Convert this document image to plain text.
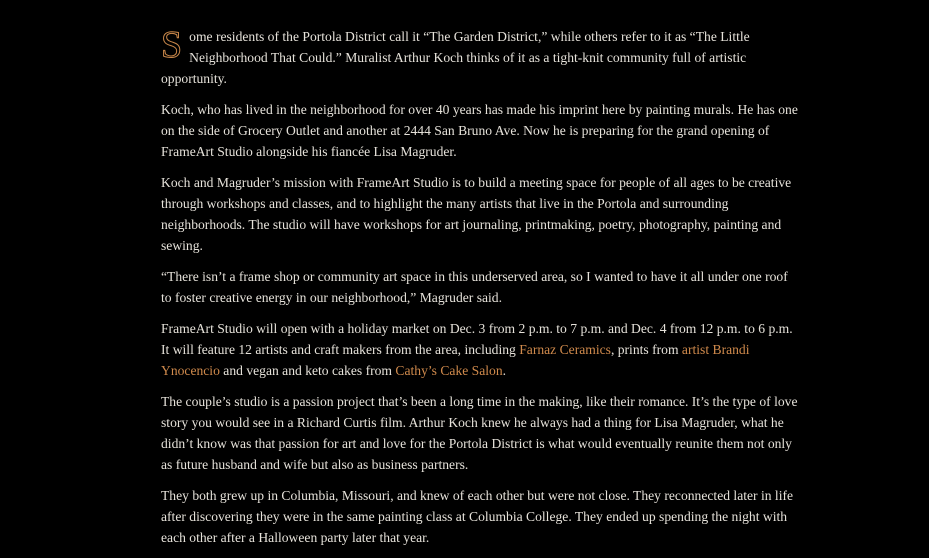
Some residents of the Portola District call it “The Garden District,” while others refer to it as “The Little Neighborhood That Could.” Muralist Arthur Koch thinks of it as a tight-knit community full of artistic opportunity.

Koch, who has lived in the neighborhood for over 40 years has made his imprint here by painting murals. He has one on the side of Grocery Outlet and another at 2444 San Bruno Ave. Now he is preparing for the grand opening of FrameArt Studio alongside his fiancée Lisa Magruder.

Koch and Magruder’s mission with FrameArt Studio is to build a meeting space for people of all ages to be creative through workshops and classes, and to highlight the many artists that live in the Portola and surrounding neighborhoods. The studio will have workshops for art journaling, printmaking, poetry, photography, painting and sewing.

“There isn’t a frame shop or community art space in this underserved area, so I wanted to have it all under one roof to foster creative energy in our neighborhood,” Magruder said.

FrameArt Studio will open with a holiday market on Dec. 3 from 2 p.m. to 7 p.m. and Dec. 4 from 12 p.m. to 6 p.m. It will feature 12 artists and craft makers from the area, including Farnaz Ceramics, prints from artist Brandi Ynocencio and vegan and keto cakes from Cathy’s Cake Salon.

The couple’s studio is a passion project that’s been a long time in the making, like their romance. It’s the type of love story you would see in a Richard Curtis film. Arthur Koch knew he always had a thing for Lisa Magruder, what he didn’t know was that passion for art and love for the Portola District is what would eventually reunite them not only as future husband and wife but also as business partners.

They both grew up in Columbia, Missouri, and knew of each other but were not close. They reconnected later in life after discovering they were in the same painting class at Columbia College. They ended up spending the night with each other after a Halloween party later that year.
